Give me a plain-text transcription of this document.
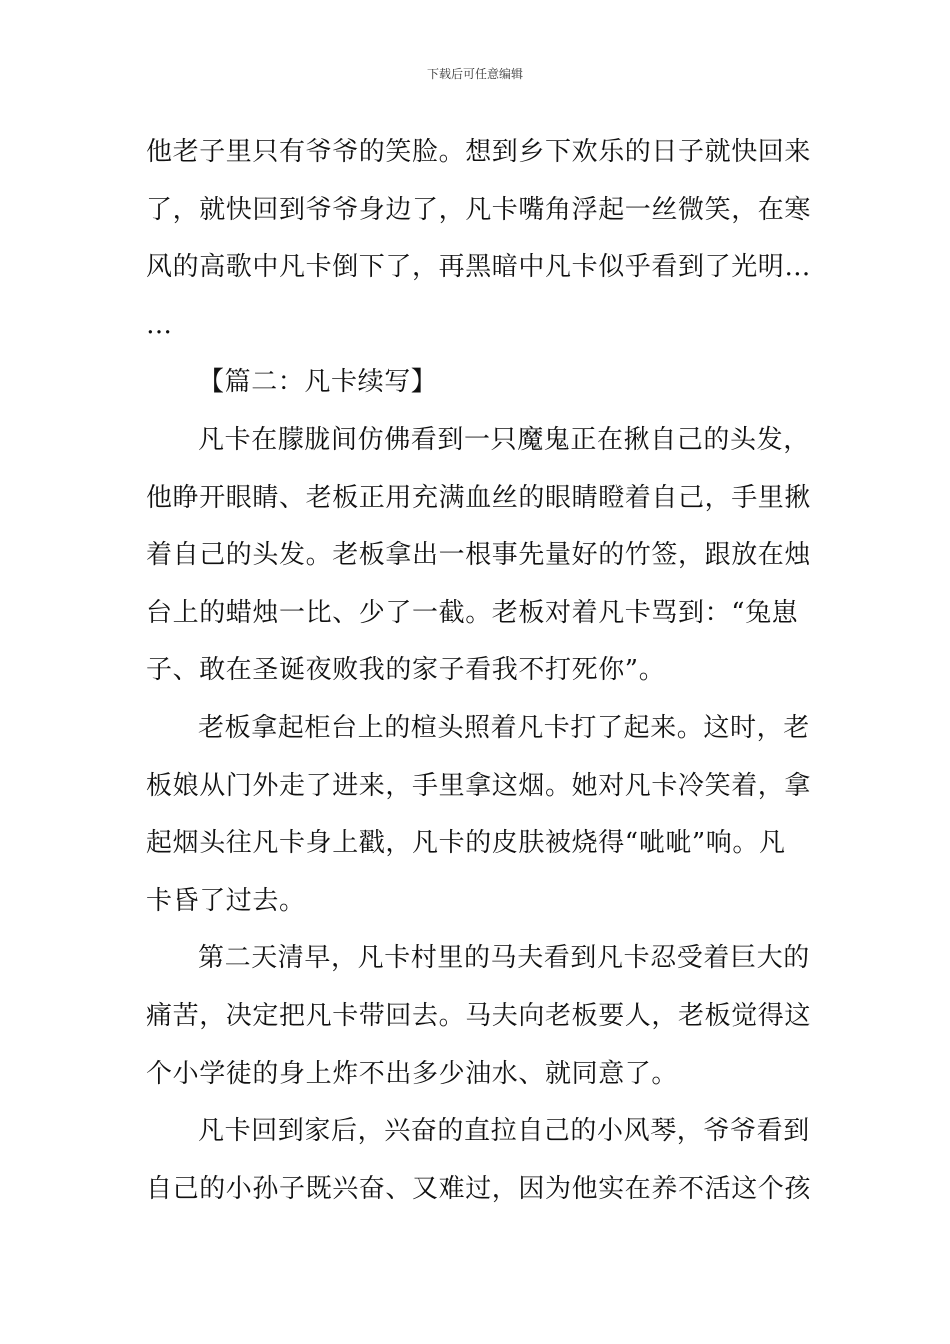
下载后可任意编辑
他老子里只有爷爷的笑脸。想到乡下欢乐的日子就快回来
了，就快回到爷爷身边了，凡卡嘴角浮起一丝微笑，在寒
风的高歌中凡卡倒下了，再黑暗中凡卡似乎看到了光明…
…
【篇二：凡卡续写】
凡卡在朦胧间仿佛看到一只魔鬼正在揪自己的头发，
他睁开眼睛、老板正用充满血丝的眼睛瞪着自己，手里揪
着自己的头发。老板拿出一根事先量好的竹签，跟放在烛
台上的蜡烛一比、少了一截。老板对着凡卡骂到：“兔崽
子、敢在圣诞夜败我的家子看我不打死你”。
老板拿起柜台上的楦头照着凡卡打了起来。这时，老
板娘从门外走了进来，手里拿这烟。她对凡卡冷笑着，拿
起烟头往凡卡身上戳，凡卡的皮肤被烧得“呲呲”响。凡
卡昏了过去。
第二天清早，凡卡村里的马夫看到凡卡忍受着巨大的
痛苦，决定把凡卡带回去。马夫向老板要人，老板觉得这
个小学徒的身上炸不出多少油水、就同意了。
凡卡回到家后，兴奋的直拉自己的小风琴，爷爷看到
自己的小孙子既兴奋、又难过，因为他实在养不活这个孩
